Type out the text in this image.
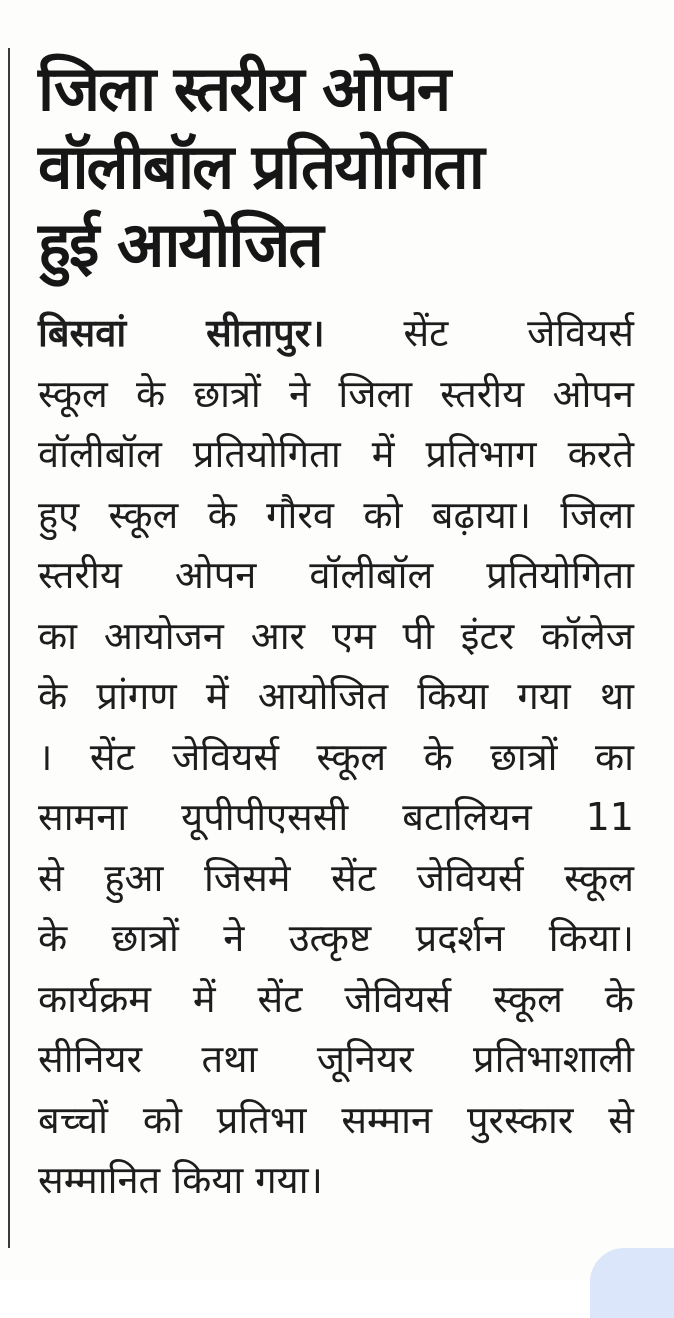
जिला स्तरीय ओपन
वॉलीबॉल प्रतियोगिता
हुई आयोजित
बिसवां सीतापुर। सेंट जेवियर्स
स्कूल के छात्रों ने जिला स्तरीय ओपन
वॉलीबॉल प्रतियोगिता में प्रतिभाग करते
हुए स्कूल के गौरव को बढ़ाया। जिला
स्तरीय ओपन वॉलीबॉल प्रतियोगिता
का आयोजन आर एम पी इंटर कॉलेज
के प्रांगण में आयोजित किया गया था
। सेंट जेवियर्स स्कूल के छात्रों का
सामना यूपीपीएससी बटालियन 11
से हुआ जिसमे सेंट जेवियर्स स्कूल
के छात्रों ने उत्कृष्ट प्रदर्शन किया।
कार्यक्रम में सेंट जेवियर्स स्कूल के
सीनियर तथा जूनियर प्रतिभाशाली
बच्चों को प्रतिभा सम्मान पुरस्कार से
सम्मानित किया गया।
